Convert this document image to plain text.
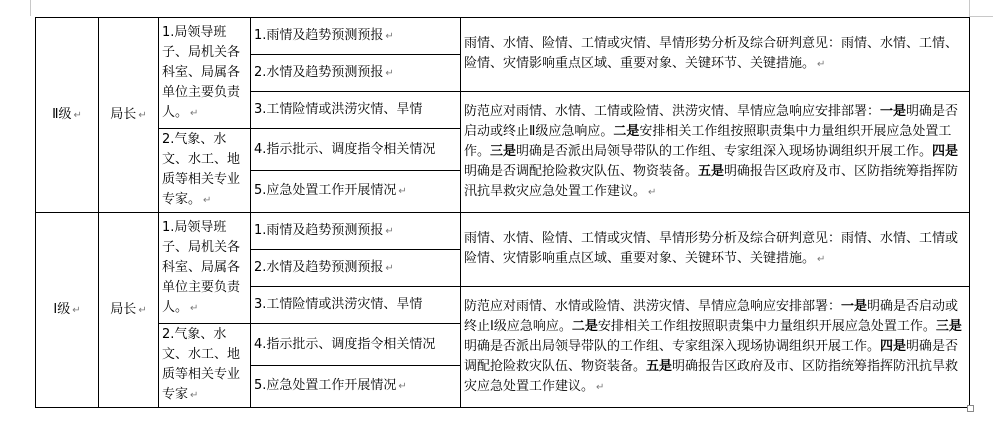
Ⅱ级 ↵	局长 ↵	1.局领导班子、局机关各科室、局属各单位主要负责人。 ↵	1.雨情及趋势预测预报 ↵	雨情、水情、险情、工情或灾情、旱情形势分析及综合研判意见：雨情、水情、工情、险情、灾情影响重点区域、重要对象、关键环节、关键措施。 ↵
			2.水情及趋势预测预报 ↵	
			3.工情险情或洪涝灾情、旱情	防范应对雨情、水情、工情或险情、洪涝灾情、旱情应急响应安排部署：一是明确是否启动或终止Ⅱ级应急响应。二是安排相关工作组按照职责集中力量组织开展应急处置工作。三是明确是否派出局领导带队的工作组、专家组深入现场协调组织开展工作。四是明确是否调配抢险救灾队伍、物资装备。五是明确报告区政府及市、区防指统筹指挥防汛抗旱救灾应急处置工作建议。 ↵
		2.气象、水文、水工、地质等相关专业专家。 ↵	4.指示批示、调度指令相关情况	
			5.应急处置工作开展情况 ↵	
Ⅰ级 ↵	局长 ↵	1.局领导班子、局机关各科室、局属各单位主要负责人。 ↵	1.雨情及趋势预测预报 ↵	雨情、水情、险情、工情或灾情、旱情形势分析及综合研判意见：雨情、水情、工情或险情、灾情影响重点区域、重要对象、关键环节、关键措施。 ↵
			2.水情及趋势预测预报 ↵	
			3.工情险情或洪涝灾情、旱情	防范应对雨情、水情或险情、洪涝灾情、旱情应急响应安排部署：一是明确是否启动或终止Ⅰ级应急响应。二是安排相关工作组按照职责集中力量组织开展应急处置工作。三是明确是否派出局领导带队的工作组、专家组深入现场协调组织开展工作。四是明确是否调配抢险救灾队伍、物资装备。五是明确报告区政府及市、区防指统筹指挥防汛抗旱救灾应急处置工作建议。 ↵
		2.气象、水文、水工、地质等相关专业专家 ↵	4.指示批示、调度指令相关情况	
			5.应急处置工作开展情况 ↵	
